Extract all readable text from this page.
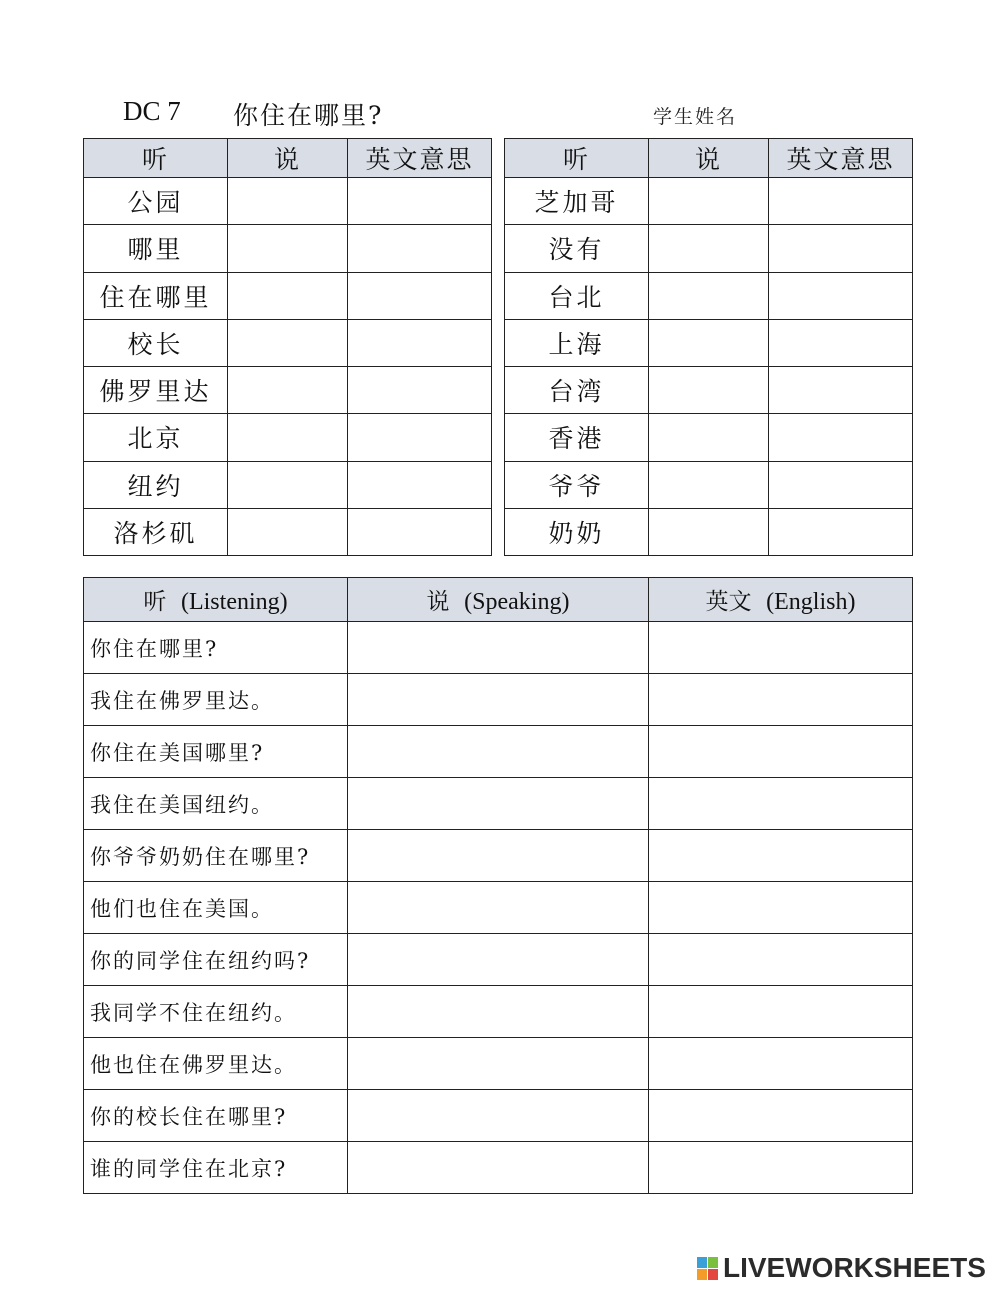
DC 7 你住在哪里?	学生姓名
听	说	英文意思
公园		
哪里		
住在哪里		
校长		
佛罗里达		
北京		
纽约		
洛杉矶		
听	说	英文意思
芝加哥		
没有		
台北		
上海		
台湾		
香港		
爷爷		
奶奶		
听 (Listening)	说 (Speaking)	英文 (English)
你住在哪里?		
我住在佛罗里达。		
你住在美国哪里?		
我住在美国纽约。		
你爷爷奶奶住在哪里?		
他们也住在美国。		
你的同学住在纽约吗?		
我同学不住在纽约。		
他也住在佛罗里达。		
你的校长住在哪里?		
谁的同学住在北京?		
LIVEWORKSHEETS
